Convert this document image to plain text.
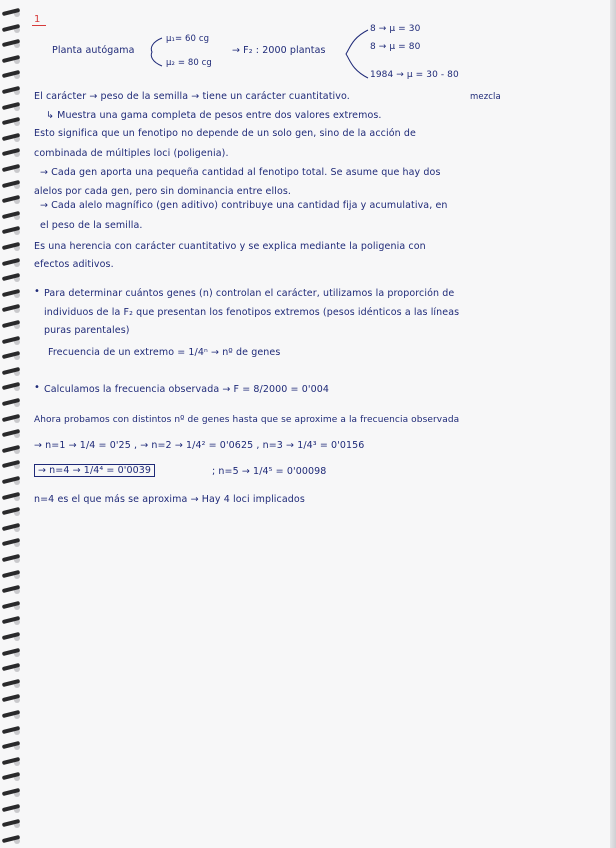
1
Planta autógama
μ₁= 60 cg
μ₂ = 80 cg
→ F₂ : 2000 plantas
8 → μ = 30
8 → μ = 80
1984 → μ = 30 - 80
mezcla
El carácter → peso de la semilla → tiene un carácter cuantitativo.
↳ Muestra una gama completa de pesos entre dos valores extremos.
Esto significa que un fenotipo no depende de un solo gen, sino de la acción de
combinada de múltiples loci (poligenia).
→ Cada gen aporta una pequeña cantidad al fenotipo total. Se asume que hay dos
alelos por cada gen, pero sin dominancia entre ellos.
→ Cada alelo magnífico (gen aditivo) contribuye una cantidad fija y acumulativa, en
el peso de la semilla.
Es una herencia con carácter cuantitativo y se explica mediante la poligenia con
efectos aditivos.
• Para determinar cuántos genes (n) controlan el carácter, utilizamos la proporción de
individuos de la F₂ que presentan los fenotipos extremos (pesos idénticos a las líneas
puras parentales)
Frecuencia de un extremo = 1/4ⁿ → nº de genes
• Calculamos la frecuencia observada → F = 8/2000 = 0'004
Ahora probamos con distintos nº de genes hasta que se aproxime a la frecuencia observada
→ n=1 → 1/4 = 0'25 , → n=2 → 1/4² = 0'0625 , n=3 → 1/4³ = 0'0156
→ n=4 → 1/4⁴ = 0'0039	; n=5 → 1/4⁵ = 0'00098
n=4 es el que más se aproxima → Hay 4 loci implicados
